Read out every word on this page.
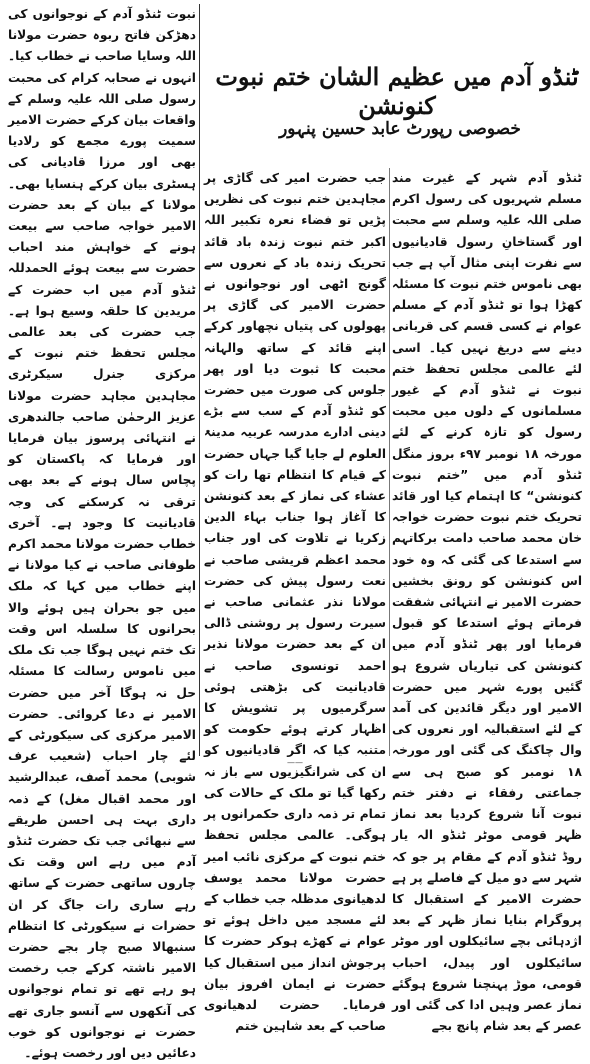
ٹنڈو آدم میں عظیم الشان ختم نبوت کنونشن
خصوصی رپورٹ عابد حسین پنہور

ٹنڈو آدم شہر کے غیرت مند مسلم شہریوں کی رسول اکرم صلی اللہ علیہ وسلم سے محبت اور گستاخانِ رسول قادیانیوں سے نفرت اپنی مثال آپ ہے جب بھی ناموس ختم نبوت کا مسئلہ کھڑا ہوا تو ٹنڈو آدم کے مسلم عوام نے کسی قسم کی قربانی دینے سے دریغ نہیں کیا۔ اسی لئے عالمی مجلس تحفظ ختم نبوت نے ٹنڈو آدم کے غیور مسلمانوں کے دلوں میں محبت رسول کو تازہ کرنے کے لئے مورخہ ۱۸ نومبر ۹۷ء بروز منگل ٹنڈو آدم میں ”ختم نبوت کنونشن“ کا اہتمام کیا اور قائد تحریک ختم نبوت حضرت خواجہ خان محمد صاحب دامت برکاتہم سے استدعا کی گئی کہ وہ خود اس کنونشن کو رونق بخشیں حضرت الامیر نے انتہائی شفقت فرماتے ہوئے استدعا کو قبول فرمایا اور پھر ٹنڈو آدم میں کنونشن کی تیاریاں شروع ہو گئیں پورے شہر میں حضرت الامیر اور دیگر قائدین کی آمد کے لئے استقبالیہ اور نعروں کی وال چاکنگ کی گئی اور مورخہ ۱۸ نومبر کو صبح ہی سے جماعتی رفقاء نے دفتر ختم نبوت آنا شروع کردیا بعد نماز ظہر قومی موٹر ٹنڈو الہ یار روڈ ٹنڈو آدم کے مقام پر جو کہ شہر سے دو میل کے فاصلے پر ہے حضرت الامیر کے استقبال کا پروگرام بنایا نماز ظہر کے بعد اژدہائی بچے سائیکلوں اور موٹر سائیکلوں اور پیدل، احباب قومی، موڑ پہنچنا شروع ہوگئے نماز عصر وہیں ادا کی گئی اور عصر کے بعد شام پانچ بجے

جب حضرت امیر کی گاڑی پر مجاہدین ختم نبوت کی نظریں پڑیں تو فضاء نعرہ تکبیر اللہ اکبر ختم نبوت زندہ باد قائد تحریک زندہ باد کے نعروں سے گونج اٹھی اور نوجوانوں نے حضرت الامیر کی گاڑی پر پھولوں کی پتیاں نچھاور کرکے اپنے قائد کے ساتھ والہانہ محبت کا ثبوت دیا اور پھر جلوس کی صورت میں حضرت کو ٹنڈو آدم کے سب سے بڑے دینی ادارے مدرسہ عربیہ مدینۃ العلوم لے جایا گیا جہاں حضرت کے قیام کا انتظام تھا رات کو عشاء کی نماز کے بعد کنونشن کا آغاز ہوا جناب بہاء الدین زکریا نے تلاوت کی اور جناب محمد اعظم قریشی صاحب نے نعت رسول پیش کی حضرت مولانا نذر عثمانی صاحب نے سیرت رسول پر روشنی ڈالی ان کے بعد حضرت مولانا نذیر احمد تونسوی صاحب نے قادیانیت کی بڑھتی ہوئی سرگرمیوں پر تشویش کا اظہار کرتے ہوئے حکومت کو متنبہ کیا کہ اگر قادیانیوں کو ان کی شرانگیزیوں سے باز نہ رکھا گیا تو ملک کے حالات کی تمام تر ذمہ داری حکمرانوں پر ہوگی۔ عالمی مجلس تحفظ ختم نبوت کے مرکزی نائب امیر حضرت مولانا محمد یوسف لدھیانوی مدظلہ جب خطاب کے لئے مسجد میں داخل ہوئے تو عوام نے کھڑے ہوکر حضرت کا پرجوش انداز میں استقبال کیا حضرت نے ایمان افروز بیان فرمایا۔ حضرت لدھیانوی صاحب کے بعد شاہین ختم

نبوت ٹنڈو آدم کے نوجوانوں کی دھڑکن فاتح ربوہ حضرت مولانا اللہ وسایا صاحب نے خطاب کیا۔ انہوں نے صحابہ کرام کی محبت رسول صلی اللہ علیہ وسلم کے واقعات بیان کرکے حضرت الامیر سمیت پورے مجمع کو رلادیا بھی اور مرزا قادیانی کی ہسٹری بیان کرکے ہنسایا بھی۔ مولانا کے بیان کے بعد حضرت الامیر خواجہ صاحب سے بیعت ہونے کے خواہش مند احباب حضرت سے بیعت ہوئے الحمدللہ ٹنڈو آدم میں اب حضرت کے مریدین کا حلقہ وسیع ہوا ہے۔ جب حضرت کی بعد عالمی مجلس تحفظ ختم نبوت کے مرکزی جنرل سیکرٹری مجاہدین مجاہد حضرت مولانا عزیز الرحمٰن صاحب جالندھری نے انتہائی پرسوز بیان فرمایا اور فرمایا کہ پاکستان کو پچاس سال ہونے کے بعد بھی ترقی نہ کرسکنے کی وجہ قادیانیت کا وجود ہے۔ آخری خطاب حضرت مولانا محمد اکرم طوفانی صاحب نے کیا مولانا نے اپنے خطاب میں کہا کہ ملک میں جو بحران ہیں ہوئے والا بحرانوں کا سلسلہ اس وقت تک ختم نہیں ہوگا جب تک ملک میں ناموس رسالت کا مسئلہ حل نہ ہوگا آخر میں حضرت الامیر نے دعا کروائی۔ حضرت الامیر مرکزی کی سیکورٹی کے لئے چار احباب (شعیب عرف شوبی) محمد آصف، عبدالرشید اور محمد اقبال مغل) کے ذمہ داری بہت ہی احسن طریقے سے نبھائی جب تک حضرت ٹنڈو آدم میں رہے اس وقت تک چاروں ساتھی حضرت کے ساتھ رہے ساری رات جاگ کر ان حضرات نے سیکورٹی کا انتظام سنبھالا صبح چار بجے حضرت الامیر ناشتہ کرکے جب رخصت ہو رہے تھے تو تمام نوجوانوں کی آنکھوں سے آنسو جاری تھے حضرت نے نوجوانوں کو خوب دعائیں دیں اور رخصت ہوئے۔

——
